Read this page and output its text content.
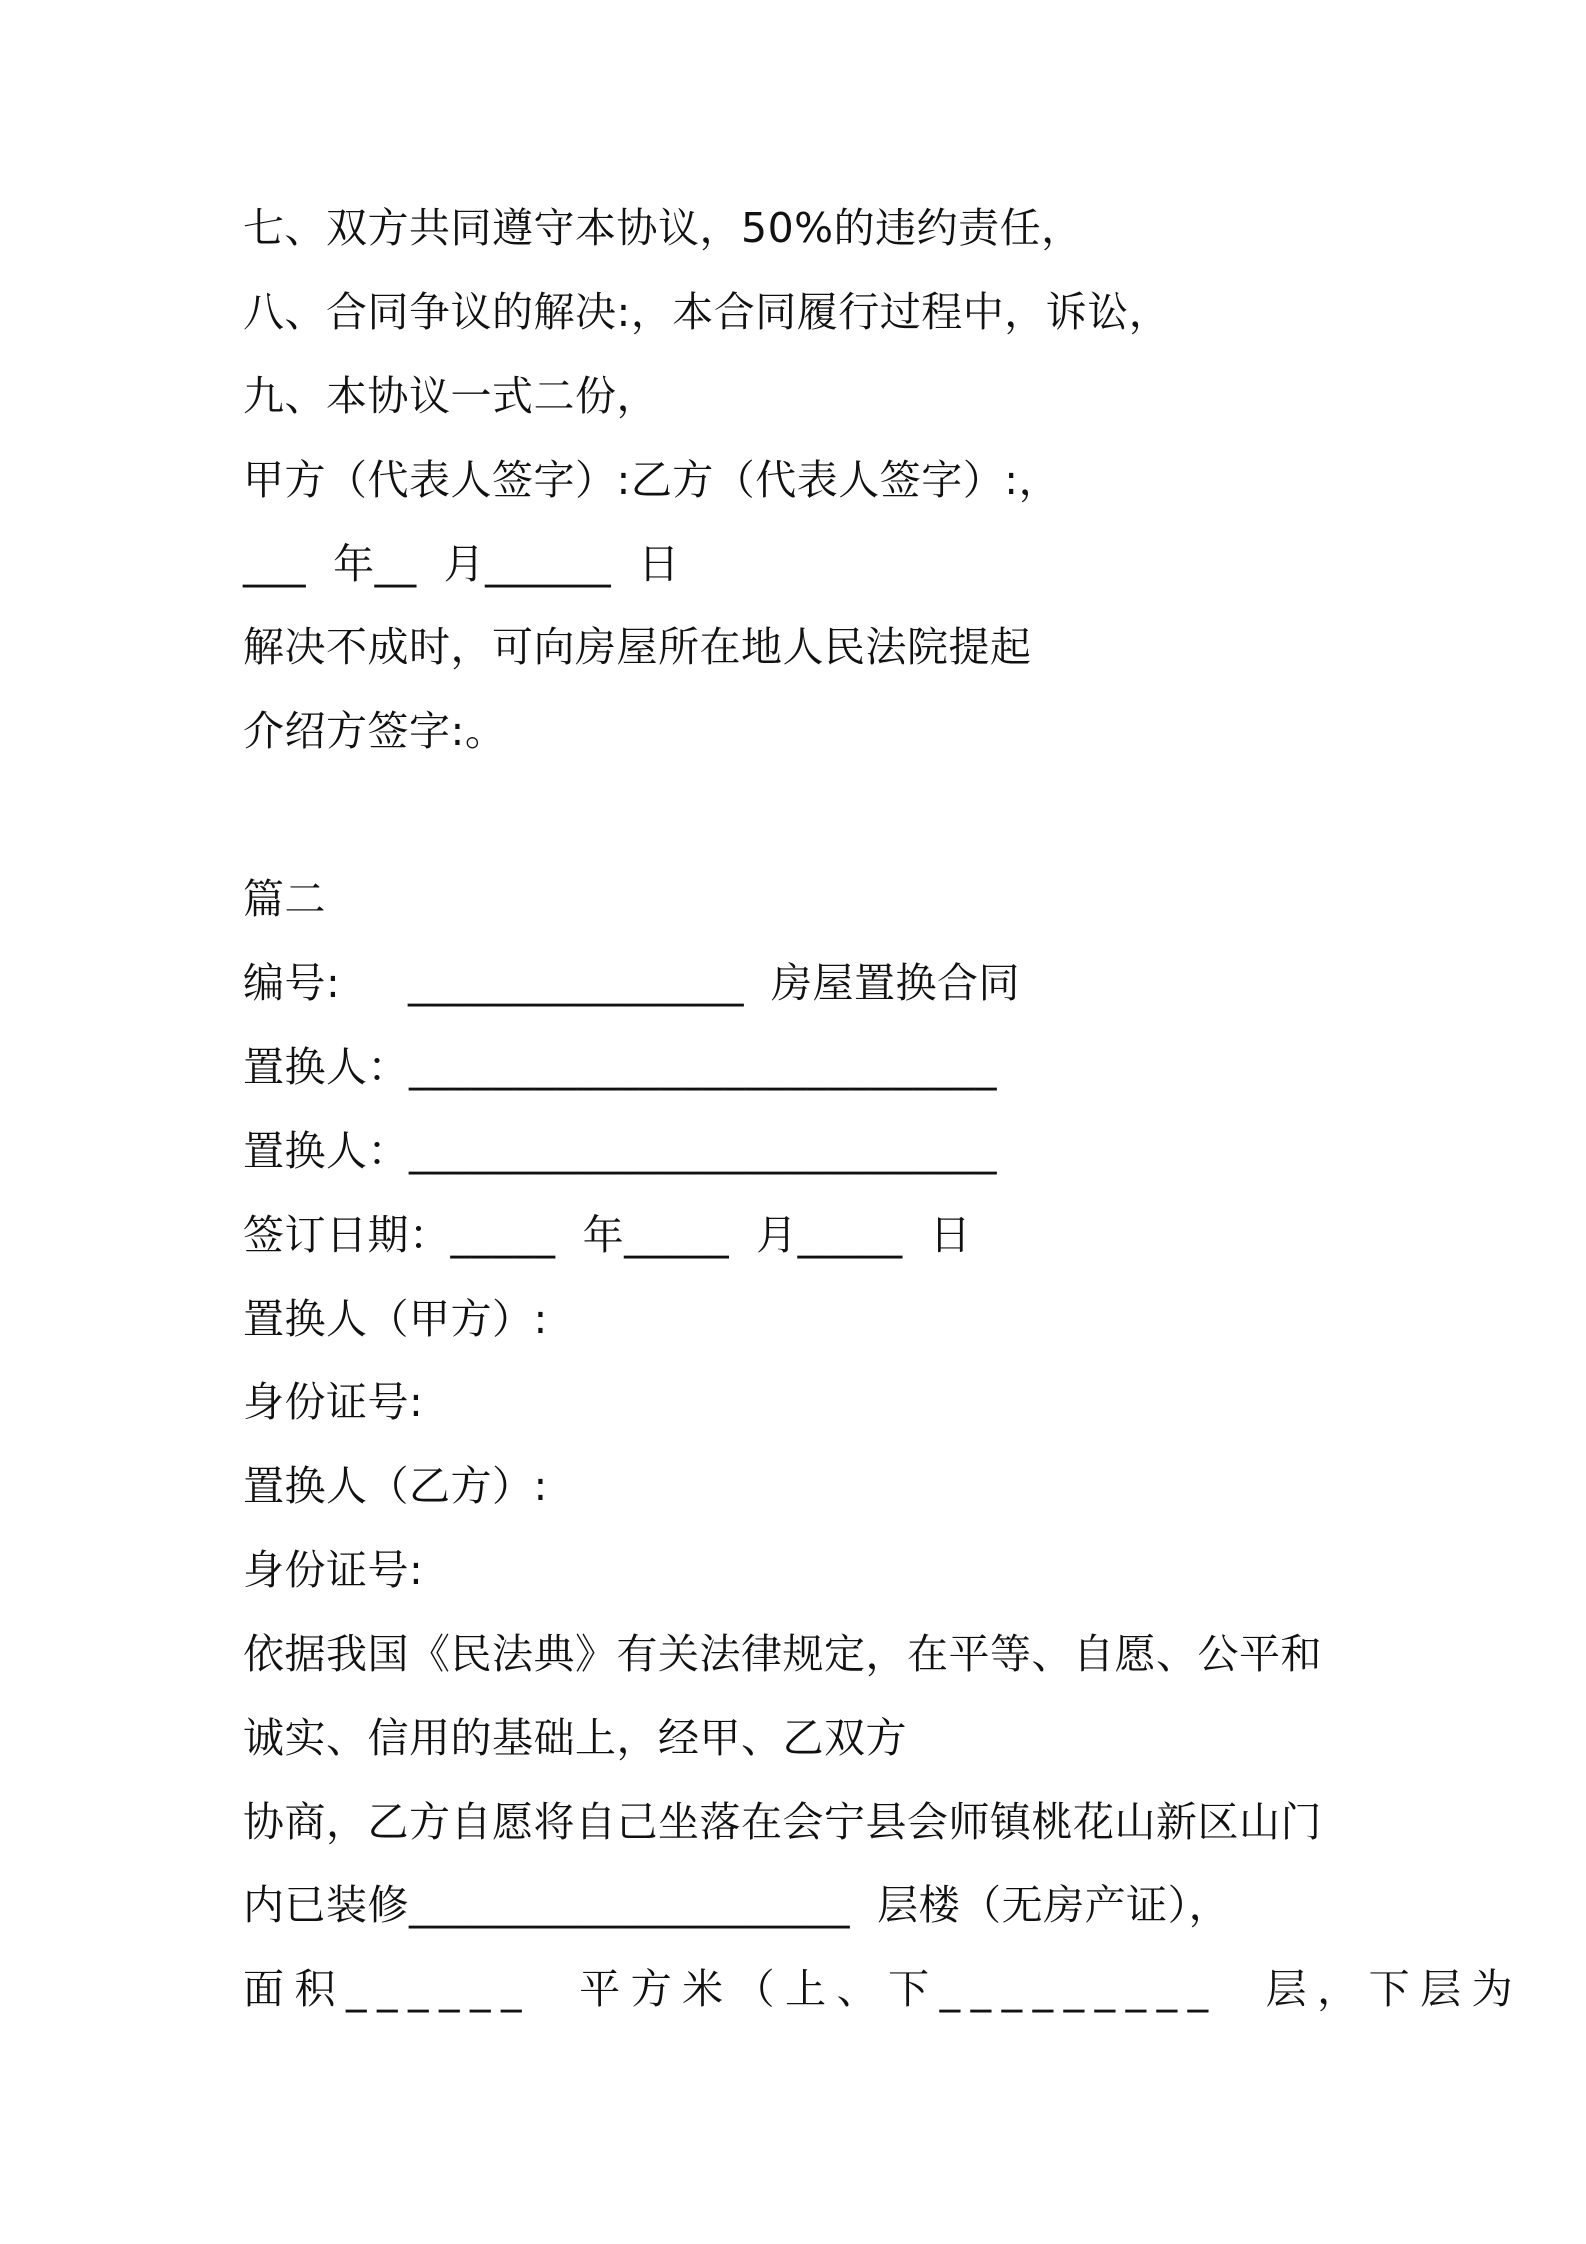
七、双方共同遵守本协议，50%的违约责任，
八、合同争议的解决:，本合同履行过程中，诉讼，
九、本协议一式二份，
甲方（代表人签字）:乙方（代表人签字）:，
___  年__  月______  日
解决不成时，可向房屋所在地人民法院提起
介绍方签字:。
篇二
编号:     ________________  房屋置换合同
置换人：____________________________
置换人：____________________________
签订日期：_____  年_____  月_____  日
置换人（甲方）:
身份证号:
置换人（乙方）:
身份证号:
依据我国《民法典》有关法律规定，在平等、自愿、公平和
诚实、信用的基础上，经甲、乙双方
协商，乙方自愿将自己坐落在会宁县会师镇桃花山新区山门
内已装修_____________________  层楼（无房产证），
面积______  平方米（上、下_________  层，下层为
